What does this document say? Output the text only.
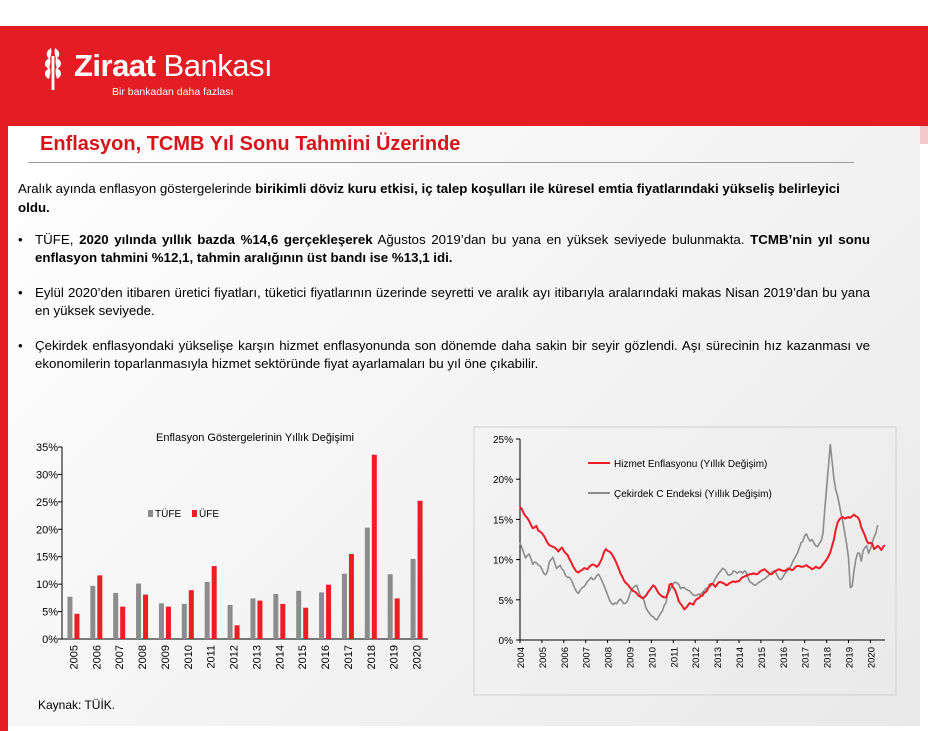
Ziraat Bankası
Bir bankadan daha fazlası
Enflasyon, TCMB Yıl Sonu Tahmini Üzerinde
Aralık ayında enflasyon göstergelerinde birikimli döviz kuru etkisi, iç talep koşulları ile küresel emtia fiyatlarındaki yükseliş belirleyici oldu.
• TÜFE, 2020 yılında yıllık bazda %14,6 gerçekleşerek Ağustos 2019’dan bu yana en yüksek seviyede bulunmakta. TCMB’nin yıl sonu enflasyon tahmini %12,1, tahmin aralığının üst bandı ise %13,1 idi.
• Eylül 2020’den itibaren üretici fiyatları, tüketici fiyatlarının üzerinde seyretti ve aralık ayı itibarıyla aralarındaki makas Nisan 2019’dan bu yana en yüksek seviyede.
• Çekirdek enflasyondaki yükselişe karşın hizmet enflasyonunda son dönemde daha sakin bir seyir gözlendi. Aşı sürecinin hız kazanması ve ekonomilerin toparlanmasıyla hizmet sektöründe fiyat ayarlamaları bu yıl öne çıkabilir.
Enflasyon Göstergelerinin Yıllık Değişimi
0%
5%
10%
15%
20%
25%
30%
35%
2005 2006 2007 2008 2009 2010 2011 2012 2013 2014 2015 2016 2017 2018 2019 2020
TÜFE ÜFE
0%
5%
10%
15%
20%
25%
2004 2005 2006 2007 2008 2009 2010 2011 2012 2013 2014 2015 2016 2017 2018 2019 2020
Hizmet Enflasyonu (Yıllık Değişim)
Çekirdek C Endeksi (Yıllık Değişim)
Kaynak: TÜİK.
